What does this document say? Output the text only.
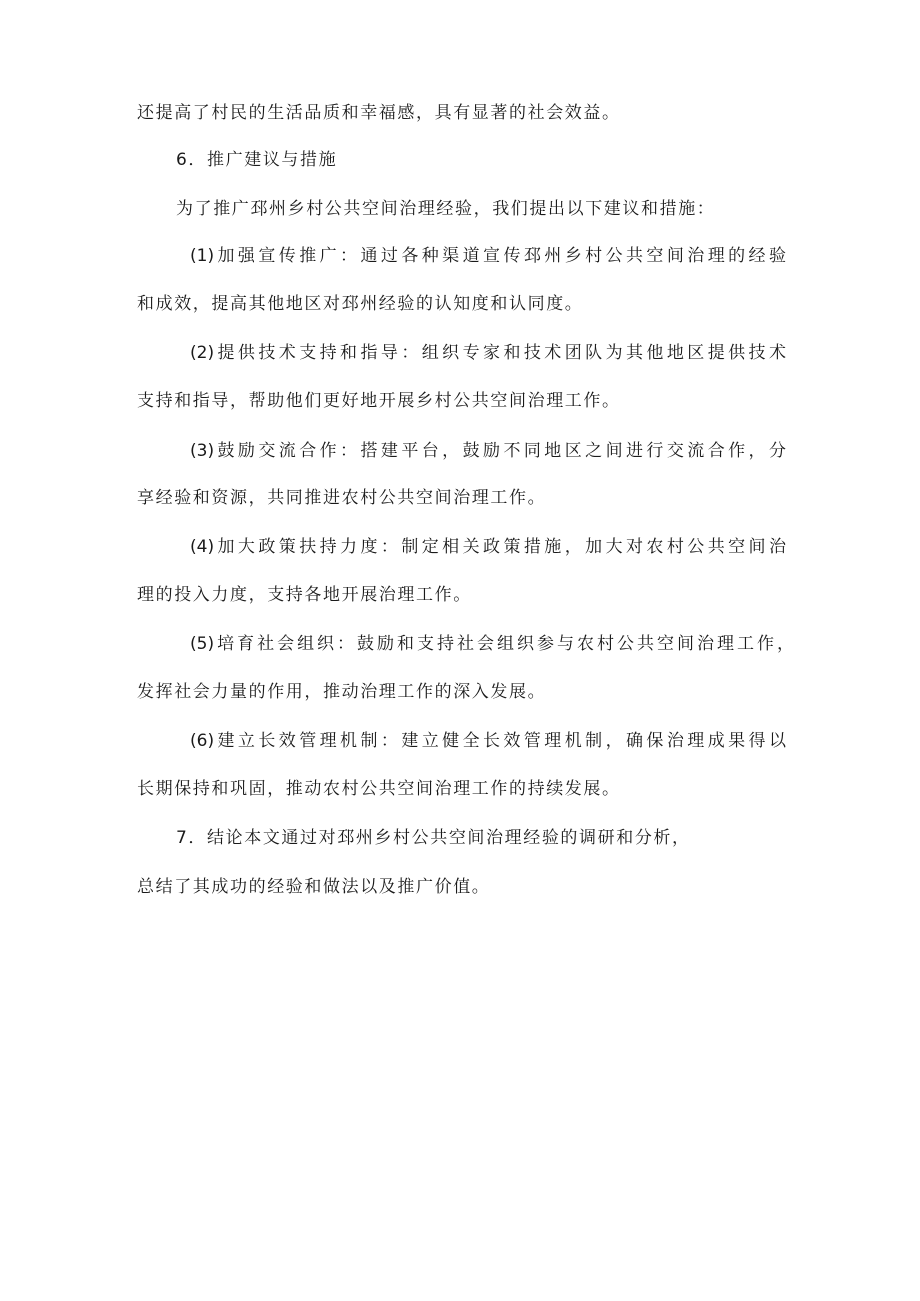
还提高了村民的生活品质和幸福感，具有显著的社会效益。
6．推广建议与措施
为了推广邳州乡村公共空间治理经验，我们提出以下建议和措施：
(1)加强宣传推广：通过各种渠道宣传邳州乡村公共空间治理的经验
和成效，提高其他地区对邳州经验的认知度和认同度。
(2)提供技术支持和指导：组织专家和技术团队为其他地区提供技术
支持和指导，帮助他们更好地开展乡村公共空间治理工作。
(3)鼓励交流合作：搭建平台，鼓励不同地区之间进行交流合作，分
享经验和资源，共同推进农村公共空间治理工作。
(4)加大政策扶持力度：制定相关政策措施，加大对农村公共空间治
理的投入力度，支持各地开展治理工作。
(5)培育社会组织：鼓励和支持社会组织参与农村公共空间治理工作，
发挥社会力量的作用，推动治理工作的深入发展。
(6)建立长效管理机制：建立健全长效管理机制，确保治理成果得以
长期保持和巩固，推动农村公共空间治理工作的持续发展。
7．结论本文通过对邳州乡村公共空间治理经验的调研和分析，
总结了其成功的经验和做法以及推广价值。
